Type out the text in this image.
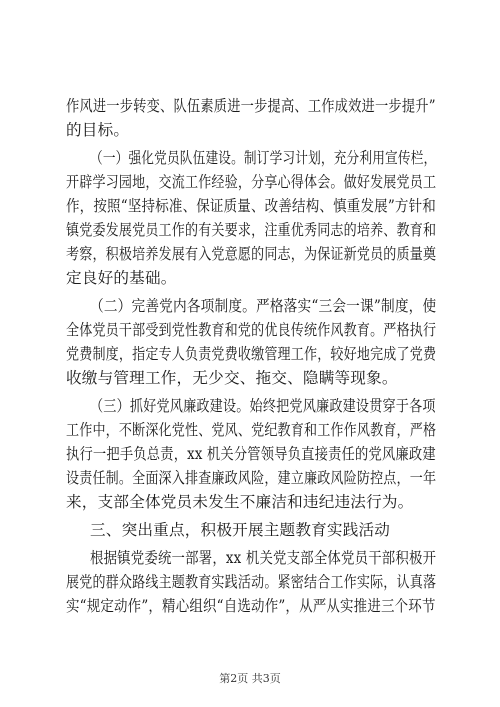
作风进一步转变、队伍素质进一步提高、工作成效进一步提升”
的目标。
（一）强化党员队伍建设。制订学习计划，充分利用宣传栏，
开辟学习园地，交流工作经验，分享心得体会。做好发展党员工
作，按照“坚持标准、保证质量、改善结构、慎重发展”方针和
镇党委发展党员工作的有关要求，注重优秀同志的培养、教育和
考察，积极培养发展有入党意愿的同志，为保证新党员的质量奠
定良好的基础。
（二）完善党内各项制度。严格落实“三会一课”制度，使
全体党员干部受到党性教育和党的优良传统作风教育。严格执行
党费制度，指定专人负责党费收缴管理工作，较好地完成了党费
收缴与管理工作，无少交、拖交、隐瞒等现象。
（三）抓好党风廉政建设。始终把党风廉政建设贯穿于各项
工作中，不断深化党性、党风、党纪教育和工作作风教育，严格
执行一把手负总责，xx 机关分管领导负直接责任的党风廉政建
设责任制。全面深入排查廉政风险，建立廉政风险防控点，一年
来，支部全体党员未发生不廉洁和违纪违法行为。
三、突出重点，积极开展主题教育实践活动
根据镇党委统一部署，xx 机关党支部全体党员干部积极开
展党的群众路线主题教育实践活动。紧密结合工作实际，认真落
实“规定动作”，精心组织“自选动作”，从严从实推进三个环节
第2页 共3页
